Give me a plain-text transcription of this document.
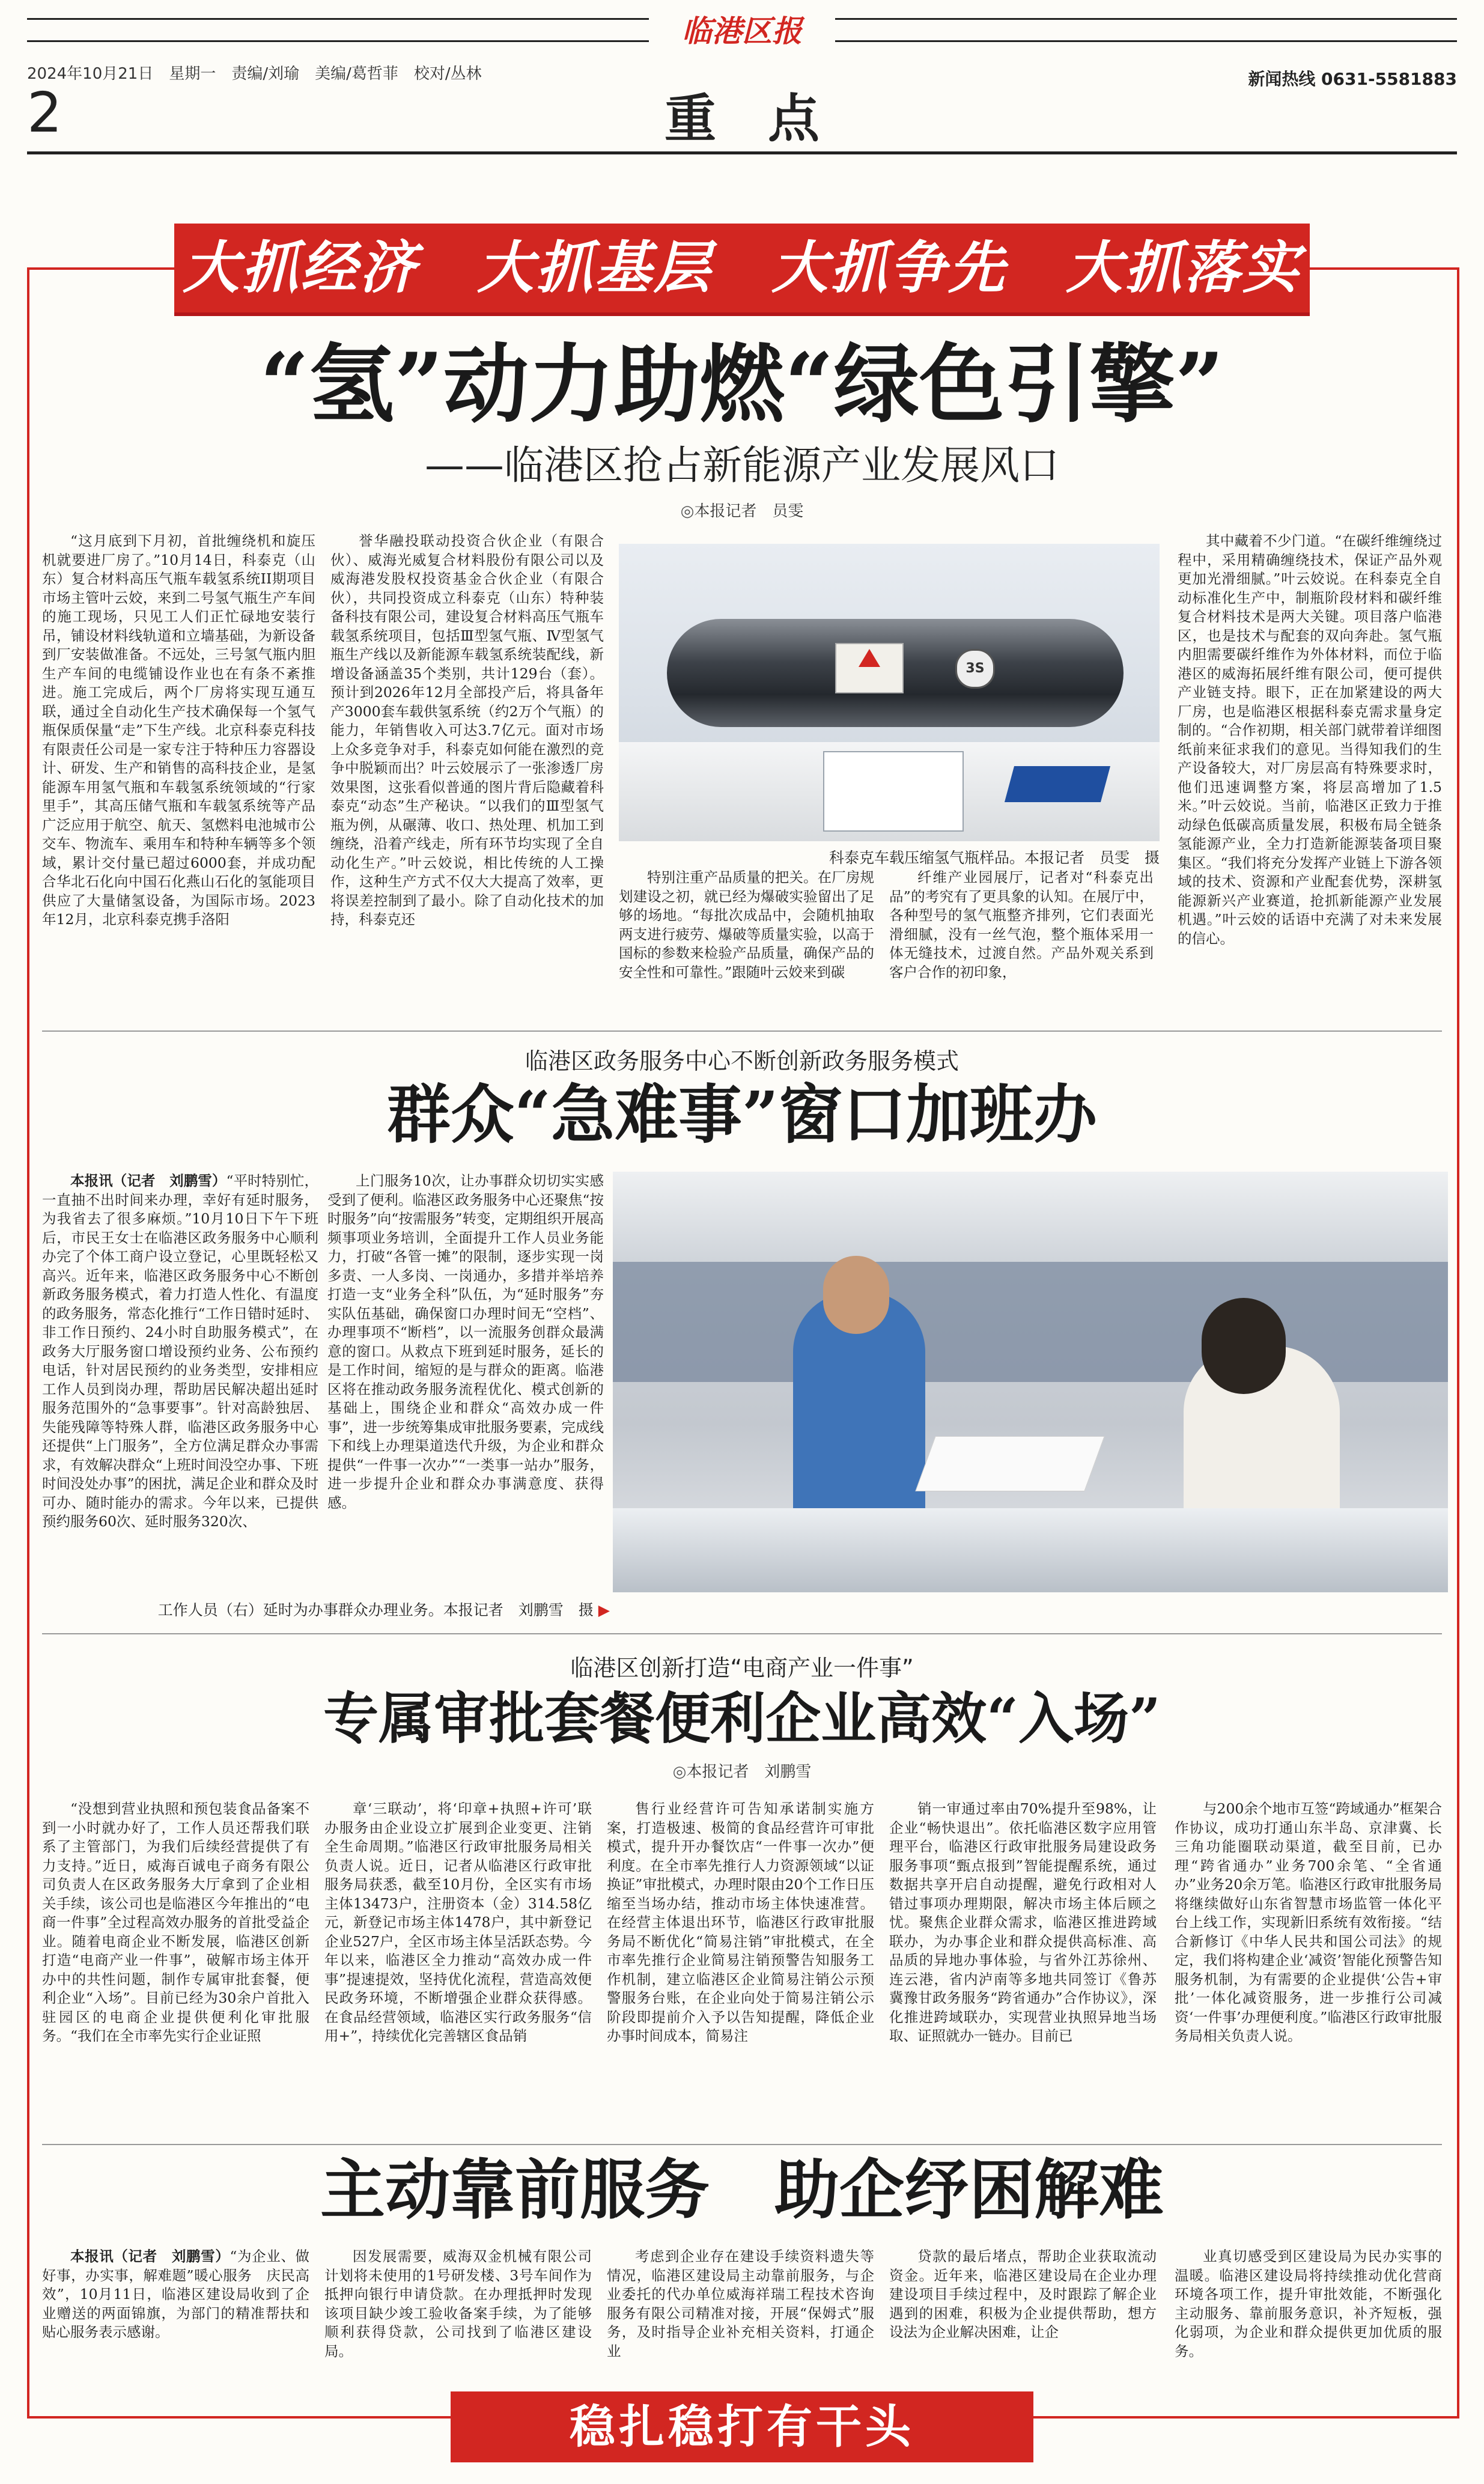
临港区报
2024年10月21日　星期一　责编/刘瑜　美编/葛哲菲　校对/丛林	新闻热线 0631-5581883
2	重　点
大抓经济　大抓基层　大抓争先　大抓落实
“氢”动力助燃“绿色引擎”
——临港区抢占新能源产业发展风口
◎本报记者　员雯
“这月底到下月初，首批缠绕机和旋压机就要进厂房了。”10月14日，科泰克（山东）复合材料高压气瓶车载氢系统II期项目市场主管叶云姣，来到二号氢气瓶生产车间的施工现场，只见工人们正忙碌地安装行吊，铺设材料线轨道和立墙基础，为新设备到厂安装做准备。不远处，三号氢气瓶内胆生产车间的电缆铺设作业也在有条不紊推进。施工完成后，两个厂房将实现互通互联，通过全自动化生产技术确保每一个氢气瓶保质保量“走”下生产线。北京科泰克科技有限责任公司是一家专注于特种压力容器设计、研发、生产和销售的高科技企业，是氢能源车用氢气瓶和车载氢系统领域的“行家里手”，其高压储气瓶和车载氢系统等产品广泛应用于航空、航天、氢燃料电池城市公交车、物流车、乘用车和特种车辆等多个领域，累计交付量已超过6000套，并成功配合华北石化向中国石化燕山石化的氢能项目供应了大量储氢设备，为国际市场。2023年12月，北京科泰克携手洛阳
誉华融投联动投资合伙企业（有限合伙）、威海光威复合材料股份有限公司以及威海港发股权投资基金合伙企业（有限合伙），共同投资成立科泰克（山东）特种装备科技有限公司，建设复合材料高压气瓶车载氢系统项目，包括Ⅲ型氢气瓶、Ⅳ型氢气瓶生产线以及新能源车载氢系统装配线，新增设备涵盖35个类别，共计129台（套）。预计到2026年12月全部投产后，将具备年产3000套车载供氢系统（约2万个气瓶）的能力，年销售收入可达3.7亿元。面对市场上众多竞争对手，科泰克如何能在激烈的竞争中脱颖而出？叶云姣展示了一张渗透厂房效果图，这张看似普通的图片背后隐藏着科泰克“动态”生产秘诀。“以我们的Ⅲ型氢气瓶为例，从碾薄、收口、热处理、机加工到缠绕，沿着产线走，所有环节均实现了全自动化生产。”叶云姣说，相比传统的人工操作，这种生产方式不仅大大提高了效率，更将误差控制到了最小。除了自动化技术的加持，科泰克还
3S
科泰克车载压缩氢气瓶样品。本报记者　员雯　摄
特别注重产品质量的把关。在厂房规划建设之初，就已经为爆破实验留出了足够的场地。“每批次成品中，会随机抽取两支进行疲劳、爆破等质量实验，以高于国标的参数来检验产品质量，确保产品的安全性和可靠性。”跟随叶云姣来到碳
纤维产业园展厅，记者对“科泰克出品”的考究有了更具象的认知。在展厅中，各种型号的氢气瓶整齐排列，它们表面光滑细腻，没有一丝气泡，整个瓶体采用一体无缝技术，过渡自然。产品外观关系到客户合作的初印象，
其中藏着不少门道。“在碳纤维缠绕过程中，采用精确缠绕技术，保证产品外观更加光滑细腻。”叶云姣说。在科泰克全自动标准化生产中，制瓶阶段材料和碳纤维复合材料技术是两大关键。项目落户临港区，也是技术与配套的双向奔赴。氢气瓶内胆需要碳纤维作为外体材料，而位于临港区的威海拓展纤维有限公司，便可提供产业链支持。眼下，正在加紧建设的两大厂房，也是临港区根据科泰克需求量身定制的。“合作初期，相关部门就带着详细图纸前来征求我们的意见。当得知我们的生产设备较大，对厂房层高有特殊要求时，他们迅速调整方案，将层高增加了1.5米。”叶云姣说。当前，临港区正致力于推动绿色低碳高质量发展，积极布局全链条氢能源产业，全力打造新能源装备项目聚集区。“我们将充分发挥产业链上下游各领域的技术、资源和产业配套优势，深耕氢能源新兴产业赛道，抢抓新能源产业发展机遇。”叶云姣的话语中充满了对未来发展的信心。
临港区政务服务中心不断创新政务服务模式
群众“急难事”窗口加班办
本报讯（记者　刘鹏雪）“平时特别忙，一直抽不出时间来办理，幸好有延时服务，为我省去了很多麻烦。”10月10日下午下班后，市民王女士在临港区政务服务中心顺利办完了个体工商户设立登记，心里既轻松又高兴。近年来，临港区政务服务中心不断创新政务服务模式，着力打造人性化、有温度的政务服务，常态化推行“工作日错时延时、非工作日预约、24小时自助服务模式”，在政务大厅服务窗口增设预约业务、公布预约电话，针对居民预约的业务类型，安排相应工作人员到岗办理，帮助居民解决超出延时服务范围外的“急事要事”。针对高龄独居、失能残障等特殊人群，临港区政务服务中心还提供“上门服务”，全方位满足群众办事需求，有效解决群众“上班时间没空办事、下班时间没处办事”的困扰，满足企业和群众及时可办、随时能办的需求。今年以来，已提供预约服务60次、延时服务320次、
上门服务10次，让办事群众切切实实感受到了便利。临港区政务服务中心还聚焦“按时服务”向“按需服务”转变，定期组织开展高频事项业务培训，全面提升工作人员业务能力，打破“各管一摊”的限制，逐步实现一岗多责、一人多岗、一岗通办，多措并举培养打造一支“业务全科”队伍，为“延时服务”夯实队伍基础，确保窗口办理时间无“空档”、办理事项不“断档”，以一流服务创群众最满意的窗口。从救点下班到延时服务，延长的是工作时间，缩短的是与群众的距离。临港区将在推动政务服务流程优化、模式创新的基础上，围绕企业和群众“高效办成一件事”，进一步统筹集成审批服务要素，完成线下和线上办理渠道迭代升级，为企业和群众提供“一件事一次办”“一类事一站办”服务，进一步提升企业和群众办事满意度、获得感。
工作人员（右）延时为办事群众办理业务。本报记者　刘鹏雪　摄 ▶
临港区创新打造“电商产业一件事”
专属审批套餐便利企业高效“入场”
◎本报记者　刘鹏雪
“没想到营业执照和预包装食品备案不到一小时就办好了，工作人员还帮我们联系了主管部门，为我们后续经营提供了有力支持。”近日，威海百诚电子商务有限公司负责人在区政务服务大厅拿到了企业相关手续，该公司也是临港区今年推出的“电商一件事”全过程高效办服务的首批受益企业。随着电商企业不断发展，临港区创新打造“电商产业一件事”，破解市场主体开办中的共性问题，制作专属审批套餐，便利企业“入场”。目前已经为30余户首批入驻园区的电商企业提供便利化审批服务。“我们在全市率先实行企业证照
章‘三联动’，将‘印章+执照+许可’联办服务由企业设立扩展到企业变更、注销全生命周期。”临港区行政审批服务局相关负责人说。近日，记者从临港区行政审批服务局获悉，截至10月份，全区实有市场主体13473户，注册资本（金）314.58亿元，新登记市场主体1478户，其中新登记企业527户，全区市场主体呈活跃态势。今年以来，临港区全力推动“高效办成一件事”提速提效，坚持优化流程，营造高效便民政务环境，不断增强企业群众获得感。在食品经营领域，临港区实行政务服务“信用+”，持续优化完善辖区食品销
售行业经营许可告知承诺制实施方案，打造极速、极简的食品经营许可审批模式，提升开办餐饮店“一件事一次办”便利度。在全市率先推行人力资源领域“以证换证”审批模式，办理时限由20个工作日压缩至当场办结，推动市场主体快速准营。在经营主体退出环节，临港区行政审批服务局不断优化“简易注销”审批模式，在全市率先推行企业简易注销预警告知服务工作机制，建立临港区企业简易注销公示预警服务台账，在企业向处于简易注销公示阶段即提前介入予以告知提醒，降低企业办事时间成本，简易注
销一审通过率由70%提升至98%，让企业“畅快退出”。依托临港区数字应用管理平台，临港区行政审批服务局建设政务服务事项“甄点报到”智能提醒系统，通过数据共享开启自动提醒，避免行政相对人错过事项办理期限，解决市场主体后顾之忧。聚焦企业群众需求，临港区推进跨域联办，为办事企业和群众提供高标准、高品质的异地办事体验，与省外江苏徐州、连云港，省内泸南等多地共同签订《鲁苏冀豫甘政务服务“跨省通办”合作协议》，深化推进跨域联办，实现营业执照异地当场取、证照就办一链办。目前已
与200余个地市互签“跨域通办”框架合作协议，成功打通山东半岛、京津冀、长三角功能圈联动渠道，截至目前，已办理“跨省通办”业务700余笔、“全省通办”业务20余万笔。临港区行政审批服务局将继续做好山东省智慧市场监管一体化平台上线工作，实现新旧系统有效衔接。“结合新修订《中华人民共和国公司法》的规定，我们将构建企业‘减资’智能化预警告知服务机制，为有需要的企业提供‘公告+审批’一体化减资服务，进一步推行公司减资‘一件事’办理便利度。”临港区行政审批服务局相关负责人说。
主动靠前服务　助企纾困解难
本报讯（记者　刘鹏雪）“为企业、做好事，办实事，解难题”暖心服务　庆民高效”，10月11日，临港区建设局收到了企业赠送的两面锦旗，为部门的精准帮扶和贴心服务表示感谢。
因发展需要，威海双金机械有限公司计划将未使用的1号研发楼、3号车间作为抵押向银行申请贷款。在办理抵押时发现该项目缺少竣工验收备案手续，为了能够顺利获得贷款，公司找到了临港区建设局。
考虑到企业存在建设手续资料遗失等情况，临港区建设局主动靠前服务，与企业委托的代办单位威海祥瑞工程技术咨询服务有限公司精准对接，开展“保姆式”服务，及时指导企业补充相关资料，打通企业
贷款的最后堵点，帮助企业获取流动资金。近年来，临港区建设局在企业办理建设项目手续过程中，及时跟踪了解企业遇到的困难，积极为企业提供帮助，想方设法为企业解决困难，让企
业真切感受到区建设局为民办实事的温暖。临港区建设局将持续推动优化营商环境各项工作，提升审批效能，不断强化主动服务、靠前服务意识，补齐短板，强化弱项，为企业和群众提供更加优质的服务。
稳扎稳打有干头
